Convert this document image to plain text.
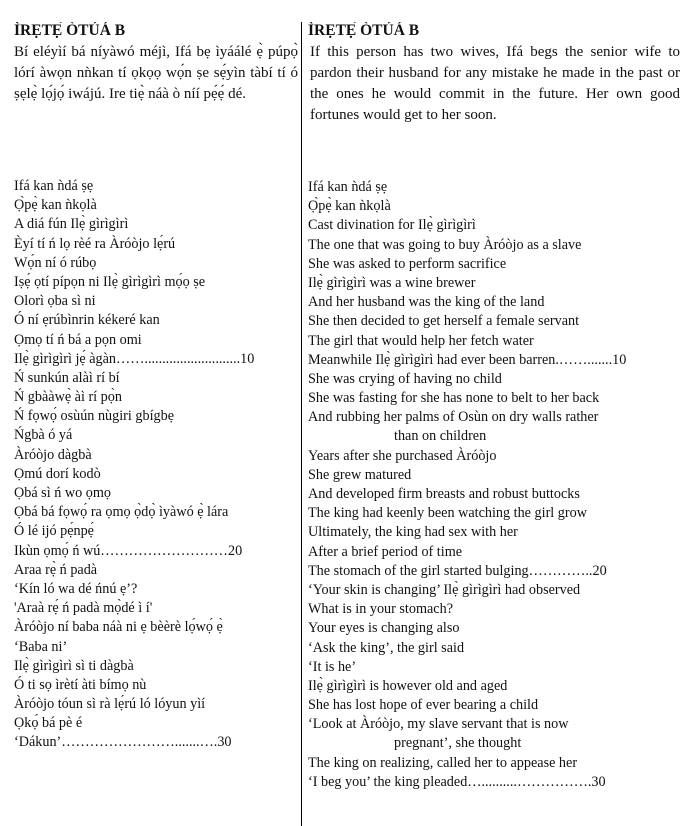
ÌRẸTẸ̀ ÒTÚÁ B
Bí eléyìí bá níyàwó méjì, Ifá bẹ ìyáálé ẹ̀ púpọ̀ lórí àwọn nǹkan tí ọkọọ wọ́n ṣe sẹ́yìn tàbí tí ó ṣẹlẹ̀ lọ́jọ́ iwájú. Ire tiẹ̀ náà ò níí pẹ́ẹ́ dé.
Ifá kan ǹdá ṣẹ
Ọ̀pẹ̀ kan ǹkọlà
A diá fún Ilẹ̀ gìrìgìrì
Èyí tí ń lọ rèé ra Àróòjo lẹ́rú
Wọ́n ní ó rúbọ
Iṣẹ́ ọtí pípọn ni Ilẹ̀ gìrìgìrì mọ́ọ ṣe
Olorì ọba sì ni
Ó ní ẹrúbìnrin kékeré kan
Ọmọ tí ń bá a pọn omi
Ilẹ̀ gìrìgìrì jẹ́ àgàn……...........................10
Ń sunkún alàì rí bí
Ń gbààwẹ̀ àì rí pọ̀n
Ń fọwọ́ osùún nùgiri gbígbẹ
Ńgbà ó yá
Àróòjo dàgbà
Ọmú dorí kodò
Ọbá sì ń wo ọmọ
Ọbá bá fọwọ́ ra ọmọ ọ̀dọ̀ ìyàwó ẹ̀ lára
Ó lé ijó pẹ́npẹ́
Ikùn ọmọ́ ń wú………………………20
Araa rẹ̀ ń padà
‘Kín ló wa dé ńnú ẹ’?
'Araà rẹ́ ń padà mọ̀dé ì í'
Àróòjo ní baba náà ni ẹ bèèrè lọ́wọ́ ẹ̀
‘Baba ni’
Ilẹ̀ gìrìgìrì sì ti dàgbà
Ó ti sọ ìrètí àti bímọ nù
Àróòjo tóun sì rà lẹ́rú ló lóyun yìí
Ọkọ́ bá pè é
‘Dákun’…………………….......….30
ÌRẸTẸ̀ ÒTÚÁ B
If this person has two wives, Ifá begs the senior wife to pardon their husband for any mistake he made in the past or the ones he would commit in the future. Her own good fortunes would get to her soon.
Ifá kan ǹdá ṣẹ
Ọ̀pẹ̀ kan ǹkọlà
Cast divination for Ilẹ̀ gìrìgìrì
The one that was going to buy Àróòjo as a slave
She was asked to perform sacrifice
Ilẹ̀ gìrìgìrì was a wine brewer
And her husband was the king of the land
She then decided to get herself a female servant
The girl that would help her fetch water
Meanwhile Ilẹ̀ gìrìgìrì had ever been barren.…….......10
She was crying of having no child
She was fasting for she has none to belt to her back
And rubbing her palms of Osùn on dry walls rather
than on children
Years after she purchased Àróòjo
She grew matured
And developed firm breasts and robust buttocks
The king had keenly been watching the girl grow
Ultimately, the king had sex with her
After a brief period of time
The stomach of the girl started bulging…………..20
‘Your skin is changing’ Ilẹ̀ gìrìgìrì had observed
What is in your stomach?
Your eyes is changing also
‘Ask the king’, the girl said
‘It is he’
Ilẹ̀ gìrìgìrì is however old and aged
She has lost hope of ever bearing a child
‘Look at Àróòjo, my slave servant that is now
pregnant’, she thought
The king on realizing, called her to appease her
‘I beg you’ the king pleaded…..........…………….30
